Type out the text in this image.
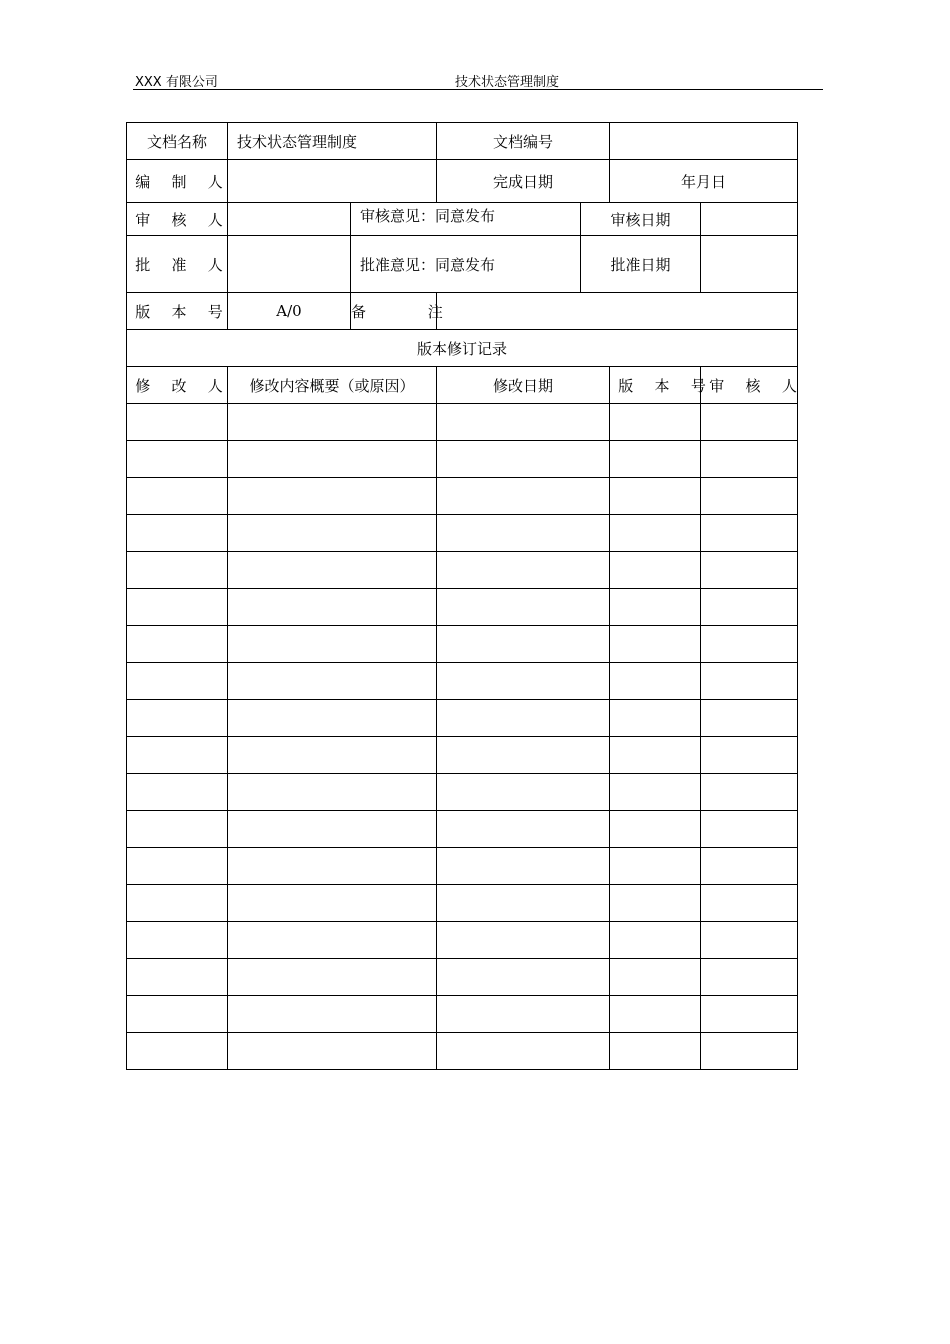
XXX 有限公司	技术状态管理制度
文档名称	技术状态管理制度		文档编号			
编 制 人			完成日期		年月日	
审 核 人		审核意见：同意发布		审核日期		
批 准 人		批准意见：同意发布		批准日期		
版 本 号	A/0	备 注				
版本修订记录						
修 改 人	修改内容概要（或原因）		修改日期		版 本 号	审 核 人
